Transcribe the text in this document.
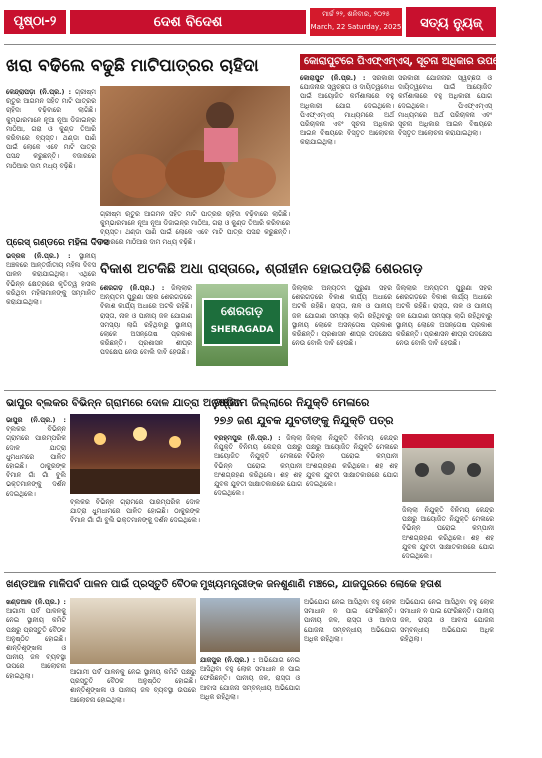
ପୃଷ୍ଠା-୨	ଦେଶ ବିଦେଶ	ମାର୍ଚ୍ଚ ୨୨, ଶନିବାର, ୨୦୨୫
March, 22 Saturday, 2025	ସତ୍ୟ ନ୍ୟୁଜ୍
ଖରା ବଢିଲେ ବଢୁଛି ମାଟିପାତ୍ରର ଚାହିଦା
କେନ୍ଦ୍ରାପଡ଼ା (ନି.ପ୍ର.) : ଗ୍ରୀଷ୍ମ ଋତୁର ଆଗମନ ସହିତ ମାଟି ପାତ୍ରର ଚାହିଦା ବଢ଼ିବାରେ ଲାଗିଛି। କୁମ୍ଭାରମାନେ ନୂଆ ନୂଆ ଡିଜାଇନ୍‌ର ମାଠିଆ, ଗରା ଓ କୁଣ୍ଡ ତିଆରି କରିବାରେ ବ୍ୟସ୍ତ। ଥଣ୍ଡା ପାଣି ପାଇଁ ଲୋକେ ଏବେ ମାଟି ପାତ୍ର ପସନ୍ଦ କରୁଛନ୍ତି। ବଜାରରେ ମାଠିଆର ଦାମ ମଧ୍ୟ ବଢ଼ିଛି।
ଗ୍ରୀଷ୍ମ ଋତୁର ଆଗମନ ସହିତ ମାଟି ପାତ୍ରର ଚାହିଦା ବଢ଼ିବାରେ ଲାଗିଛି। କୁମ୍ଭାରମାନେ ନୂଆ ନୂଆ ଡିଜାଇନ୍‌ର ମାଠିଆ, ଗରା ଓ କୁଣ୍ଡ ତିଆରି କରିବାରେ ବ୍ୟସ୍ତ। ଥଣ୍ଡା ପାଣି ପାଇଁ ଲୋକେ ଏବେ ମାଟି ପାତ୍ର ପସନ୍ଦ କରୁଛନ୍ତି। ବଜାରରେ ମାଠିଆର ଦାମ ମଧ୍ୟ ବଢ଼ିଛି।
କୋରାପୁଟରେ ପିଏଫ୍‌ଏମ୍‌ଏସ୍, ସୂଚନା ଅଧିକାର ଉପରେ କର୍ମଶାଳା
କୋରାପୁଟ (ନି.ପ୍ର.) : ସରକାରୀ ଯୋଜନାର ସ୍ୱଚ୍ଛତା ଓ ଦାୟିତ୍ୱବୋଧ ପାଇଁ ଆୟୋଜିତ କର୍ମଶାଳାରେ ବହୁ ଅଧିକାରୀ ଯୋଗ ଦେଇଥିଲେ। ପିଏଫ୍‌ଏମ୍‌ଏସ୍ ମାଧ୍ୟମରେ ଅର୍ଥ ପରିଚାଳନା ଏବଂ ସୂଚନା ଅଧିକାର ଆଇନ ବିଷୟରେ ବିସ୍ତୃତ ଆଲୋଚନା କରାଯାଇଥିଲା।
ସରକାରୀ ଯୋଜନାର ସ୍ୱଚ୍ଛତା ଓ ଦାୟିତ୍ୱବୋଧ ପାଇଁ ଆୟୋଜିତ କର୍ମଶାଳାରେ ବହୁ ଅଧିକାରୀ ଯୋଗ ଦେଇଥିଲେ। ପିଏଫ୍‌ଏମ୍‌ଏସ୍ ମାଧ୍ୟମରେ ଅର୍ଥ ପରିଚାଳନା ଏବଂ ସୂଚନା ଅଧିକାର ଆଇନ ବିଷୟରେ ବିସ୍ତୃତ ଆଲୋଚନା କରାଯାଇଥିଲା।
ପ୍ରେସ୍ ଗଣ୍ଡରେ ମହିଳା ଦିବସ
ଭଦ୍ରକ (ନି.ପ୍ର.) : ସ୍ଥାନୀୟ ଅଞ୍ଚଳରେ ଆନ୍ତର୍ଜାତୀୟ ମହିଳା ଦିବସ ପାଳନ କରାଯାଇଥିଲା। ଏଥିରେ ବିଭିନ୍ନ କ୍ଷେତ୍ରରେ କୃତିତ୍ୱ ହାସଲ କରିଥିବା ମହିଳାମାନଙ୍କୁ ସମ୍ମାନିତ କରାଯାଇଥିଲା।
ବିକାଶ ଅଟକିଛି ଅଧା ରାସ୍ତାରେ, ଶ୍ରୀହୀନ ହୋଇପଡ଼ିଛି ଶେରଗଡ଼
ଶେରଗଡ଼ (ନି.ପ୍ର.) : ଜିଲ୍ଲାର ଅନ୍ୟତମ ପୁରୁଣା ସହର ଶେରଗଡ଼ରେ ବିକାଶ କାର୍ଯ୍ୟ ଅଧାରେ ଅଟକି ରହିଛି। ରାସ୍ତା, ନାଳ ଓ ପାନୀୟ ଜଳ ଯୋଗାଣ ସମସ୍ୟା ଲାଗି ରହିଥିବାରୁ ସ୍ଥାନୀୟ ଲୋକେ ଅସନ୍ତୋଷ ପ୍ରକାଶ କରିଛନ୍ତି। ପ୍ରଶାସନ ଶୀଘ୍ର ପଦକ୍ଷେପ ନେଉ ବୋଲି ଦାବି ହେଉଛି।
ଶେରଗଡ଼
SHERAGADA
ଜିଲ୍ଲାର ଅନ୍ୟତମ ପୁରୁଣା ସହର ଶେରଗଡ଼ରେ ବିକାଶ କାର୍ଯ୍ୟ ଅଧାରେ ଅଟକି ରହିଛି। ରାସ୍ତା, ନାଳ ଓ ପାନୀୟ ଜଳ ଯୋଗାଣ ସମସ୍ୟା ଲାଗି ରହିଥିବାରୁ ସ୍ଥାନୀୟ ଲୋକେ ଅସନ୍ତୋଷ ପ୍ରକାଶ କରିଛନ୍ତି। ପ୍ରଶାସନ ଶୀଘ୍ର ପଦକ୍ଷେପ ନେଉ ବୋଲି ଦାବି ହେଉଛି।
ଜିଲ୍ଲାର ଅନ୍ୟତମ ପୁରୁଣା ସହର ଶେରଗଡ଼ରେ ବିକାଶ କାର୍ଯ୍ୟ ଅଧାରେ ଅଟକି ରହିଛି। ରାସ୍ତା, ନାଳ ଓ ପାନୀୟ ଜଳ ଯୋଗାଣ ସମସ୍ୟା ଲାଗି ରହିଥିବାରୁ ସ୍ଥାନୀୟ ଲୋକେ ଅସନ୍ତୋଷ ପ୍ରକାଶ କରିଛନ୍ତି। ପ୍ରଶାସନ ଶୀଘ୍ର ପଦକ୍ଷେପ ନେଉ ବୋଲି ଦାବି ହେଉଛି।
ଭାପୁର ବ୍ଲକର ବିଭିନ୍ନ ଗ୍ରାମରେ ଦୋଳ ଯାତ୍ରା ଅନୁଷ୍ଠିତ
ଭାପୁର (ନି.ପ୍ର.) : ବ୍ଲକର ବିଭିନ୍ନ ଗ୍ରାମରେ ପାରମ୍ପରିକ ଦୋଳ ଯାତ୍ରା ଧୁମଧାମରେ ପାଳିତ ହୋଇଛି। ଠାକୁରଙ୍କ ବିମାନ ଗାଁ ଗାଁ ବୁଲି ଭକ୍ତମାନଙ୍କୁ ଦର୍ଶନ ଦେଇଥିଲେ।
ବ୍ଲକର ବିଭିନ୍ନ ଗ୍ରାମରେ ପାରମ୍ପରିକ ଦୋଳ ଯାତ୍ରା ଧୁମଧାମରେ ପାଳିତ ହୋଇଛି। ଠାକୁରଙ୍କ ବିମାନ ଗାଁ ଗାଁ ବୁଲି ଭକ୍ତମାନଙ୍କୁ ଦର୍ଶନ ଦେଇଥିଲେ।
ଗଞ୍ଜାମ ଜିଲ୍ଲାରେ ନିଯୁକ୍ତି ମେଳାରେ
୨୭୬ ଜଣ ଯୁବକ ଯୁବତୀଙ୍କୁ ନିଯୁକ୍ତି ପତ୍ର
ବ୍ରହ୍ମପୁର (ନି.ପ୍ର.) : ଜିଲ୍ଲା ନିଯୁକ୍ତି ବିନିମୟ କେନ୍ଦ୍ର ପକ୍ଷରୁ ଆୟୋଜିତ ନିଯୁକ୍ତି ମେଳାରେ ବିଭିନ୍ନ ଘରୋଇ କମ୍ପାନୀ ଅଂଶଗ୍ରହଣ କରିଥିଲେ। ଶହ ଶହ ଯୁବକ ଯୁବତୀ ସାକ୍ଷାତକାରରେ ଯୋଗ ଦେଇଥିଲେ।
ଜିଲ୍ଲା ନିଯୁକ୍ତି ବିନିମୟ କେନ୍ଦ୍ର ପକ୍ଷରୁ ଆୟୋଜିତ ନିଯୁକ୍ତି ମେଳାରେ ବିଭିନ୍ନ ଘରୋଇ କମ୍ପାନୀ ଅଂଶଗ୍ରହଣ କରିଥିଲେ। ଶହ ଶହ ଯୁବକ ଯୁବତୀ ସାକ୍ଷାତକାରରେ ଯୋଗ ଦେଇଥିଲେ।
ଜିଲ୍ଲା ନିଯୁକ୍ତି ବିନିମୟ କେନ୍ଦ୍ର ପକ୍ଷରୁ ଆୟୋଜିତ ନିଯୁକ୍ତି ମେଳାରେ ବିଭିନ୍ନ ଘରୋଇ କମ୍ପାନୀ ଅଂଶଗ୍ରହଣ କରିଥିଲେ। ଶହ ଶହ ଯୁବକ ଯୁବତୀ ସାକ୍ଷାତକାରରେ ଯୋଗ ଦେଇଥିଲେ।
ଖଣ୍ଡଆଳ ମାଳିପର୍ବ ପାଳନ ପାଇଁ ପ୍ରସ୍ତୁତି ବୈଠକ
ଖଣ୍ଡଆଳ (ନି.ପ୍ର.) : ଆଗାମୀ ପର୍ବ ପାଳନକୁ ନେଇ ସ୍ଥାନୀୟ କମିଟି ପକ୍ଷରୁ ପ୍ରସ୍ତୁତି ବୈଠକ ଅନୁଷ୍ଠିତ ହୋଇଛି। ଶାନ୍ତିଶୃଙ୍ଖଳା ଓ ପାନୀୟ ଜଳ ବ୍ୟବସ୍ଥା ଉପରେ ଆଲୋଚନା ହୋଇଥିଲା।	ଆଗାମୀ ପର୍ବ ପାଳନକୁ ନେଇ ସ୍ଥାନୀୟ କମିଟି ପକ୍ଷରୁ ପ୍ରସ୍ତୁତି ବୈଠକ ଅନୁଷ୍ଠିତ ହୋଇଛି। ଶାନ୍ତିଶୃଙ୍ଖଳା ଓ ପାନୀୟ ଜଳ ବ୍ୟବସ୍ଥା ଉପରେ ଆଲୋଚନା ହୋଇଥିଲା।
ମୁଖ୍ୟମନ୍ତ୍ରୀଙ୍କ ଜନଶୁଣାଣି ମଞ୍ଚରେ, ଯାଜପୁରରେ ଲୋକେ ହତାଶ
ଯାଜପୁର (ନି.ପ୍ର.) : ଅଭିଯୋଗ ନେଇ ଆସିଥିବା ବହୁ ଲୋକ ସମାଧାନ ନ ପାଇ ଫେରିଛନ୍ତି। ପାନୀୟ ଜଳ, ରାସ୍ତା ଓ ଆବାସ ଯୋଜନା ସମ୍ବନ୍ଧୀୟ ଅଭିଯୋଗ ଅଧିକ ରହିଥିଲା।
ଅଭିଯୋଗ ନେଇ ଆସିଥିବା ବହୁ ଲୋକ ସମାଧାନ ନ ପାଇ ଫେରିଛନ୍ତି। ପାନୀୟ ଜଳ, ରାସ୍ତା ଓ ଆବାସ ଯୋଜନା ସମ୍ବନ୍ଧୀୟ ଅଭିଯୋଗ ଅଧିକ ରହିଥିଲା।
ଅଭିଯୋଗ ନେଇ ଆସିଥିବା ବହୁ ଲୋକ ସମାଧାନ ନ ପାଇ ଫେରିଛନ୍ତି। ପାନୀୟ ଜଳ, ରାସ୍ତା ଓ ଆବାସ ଯୋଜନା ସମ୍ବନ୍ଧୀୟ ଅଭିଯୋଗ ଅଧିକ ରହିଥିଲା।
